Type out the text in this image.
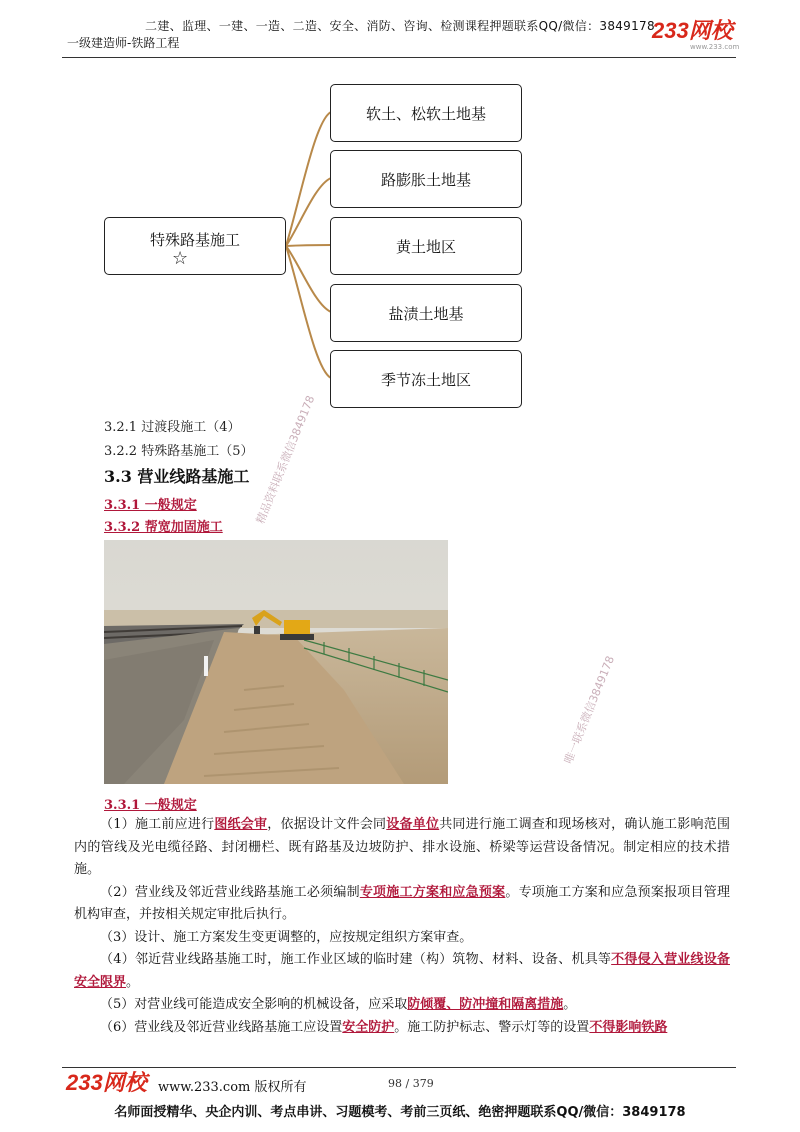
二建、监理、一建、一造、二造、安全、消防、咨询、检测课程押题联系QQ/微信：3849178
一级建造师-铁路工程	233网校
www.233.com
特殊路基施工
☆
软土、松软土地基
路膨胀土地基
黄土地区
盐渍土地基
季节冻土地区
3.2.1 过渡段施工（4）
3.2.2 特殊路基施工（5）
3.3 营业线路基施工
3.3.1 一般规定
3.3.2 帮宽加固施工
3.3.1 一般规定

（1）施工前应进行图纸会审，依据设计文件会同设备单位共同进行施工调查和现场核对，确认施工影响范围内的管线及光电缆径路、封闭栅栏、既有路基及边坡防护、排水设施、桥梁等运营设备情况。制定相应的技术措施。

（2）营业线及邻近营业线路基施工必须编制专项施工方案和应急预案。专项施工方案和应急预案报项目管理机构审查，并按相关规定审批后执行。

（3）设计、施工方案发生变更调整的，应按规定组织方案审查。

（4）邻近营业线路基施工时，施工作业区域的临时建（构）筑物、材料、设备、机具等不得侵入营业线设备安全限界。

（5）对营业线可能造成安全影响的机械设备，应采取防倾覆、防冲撞和隔离措施。

（6）营业线及邻近营业线路基施工应设置安全防护。施工防护标志、警示灯等的设置不得影响铁路

精品资料联系微信3849178
唯一联系微信3849178
233网校 www.233.com 版权所有	98 / 379
名师面授精华、央企内训、考点串讲、习题模考、考前三页纸、绝密押题联系QQ/微信：3849178
